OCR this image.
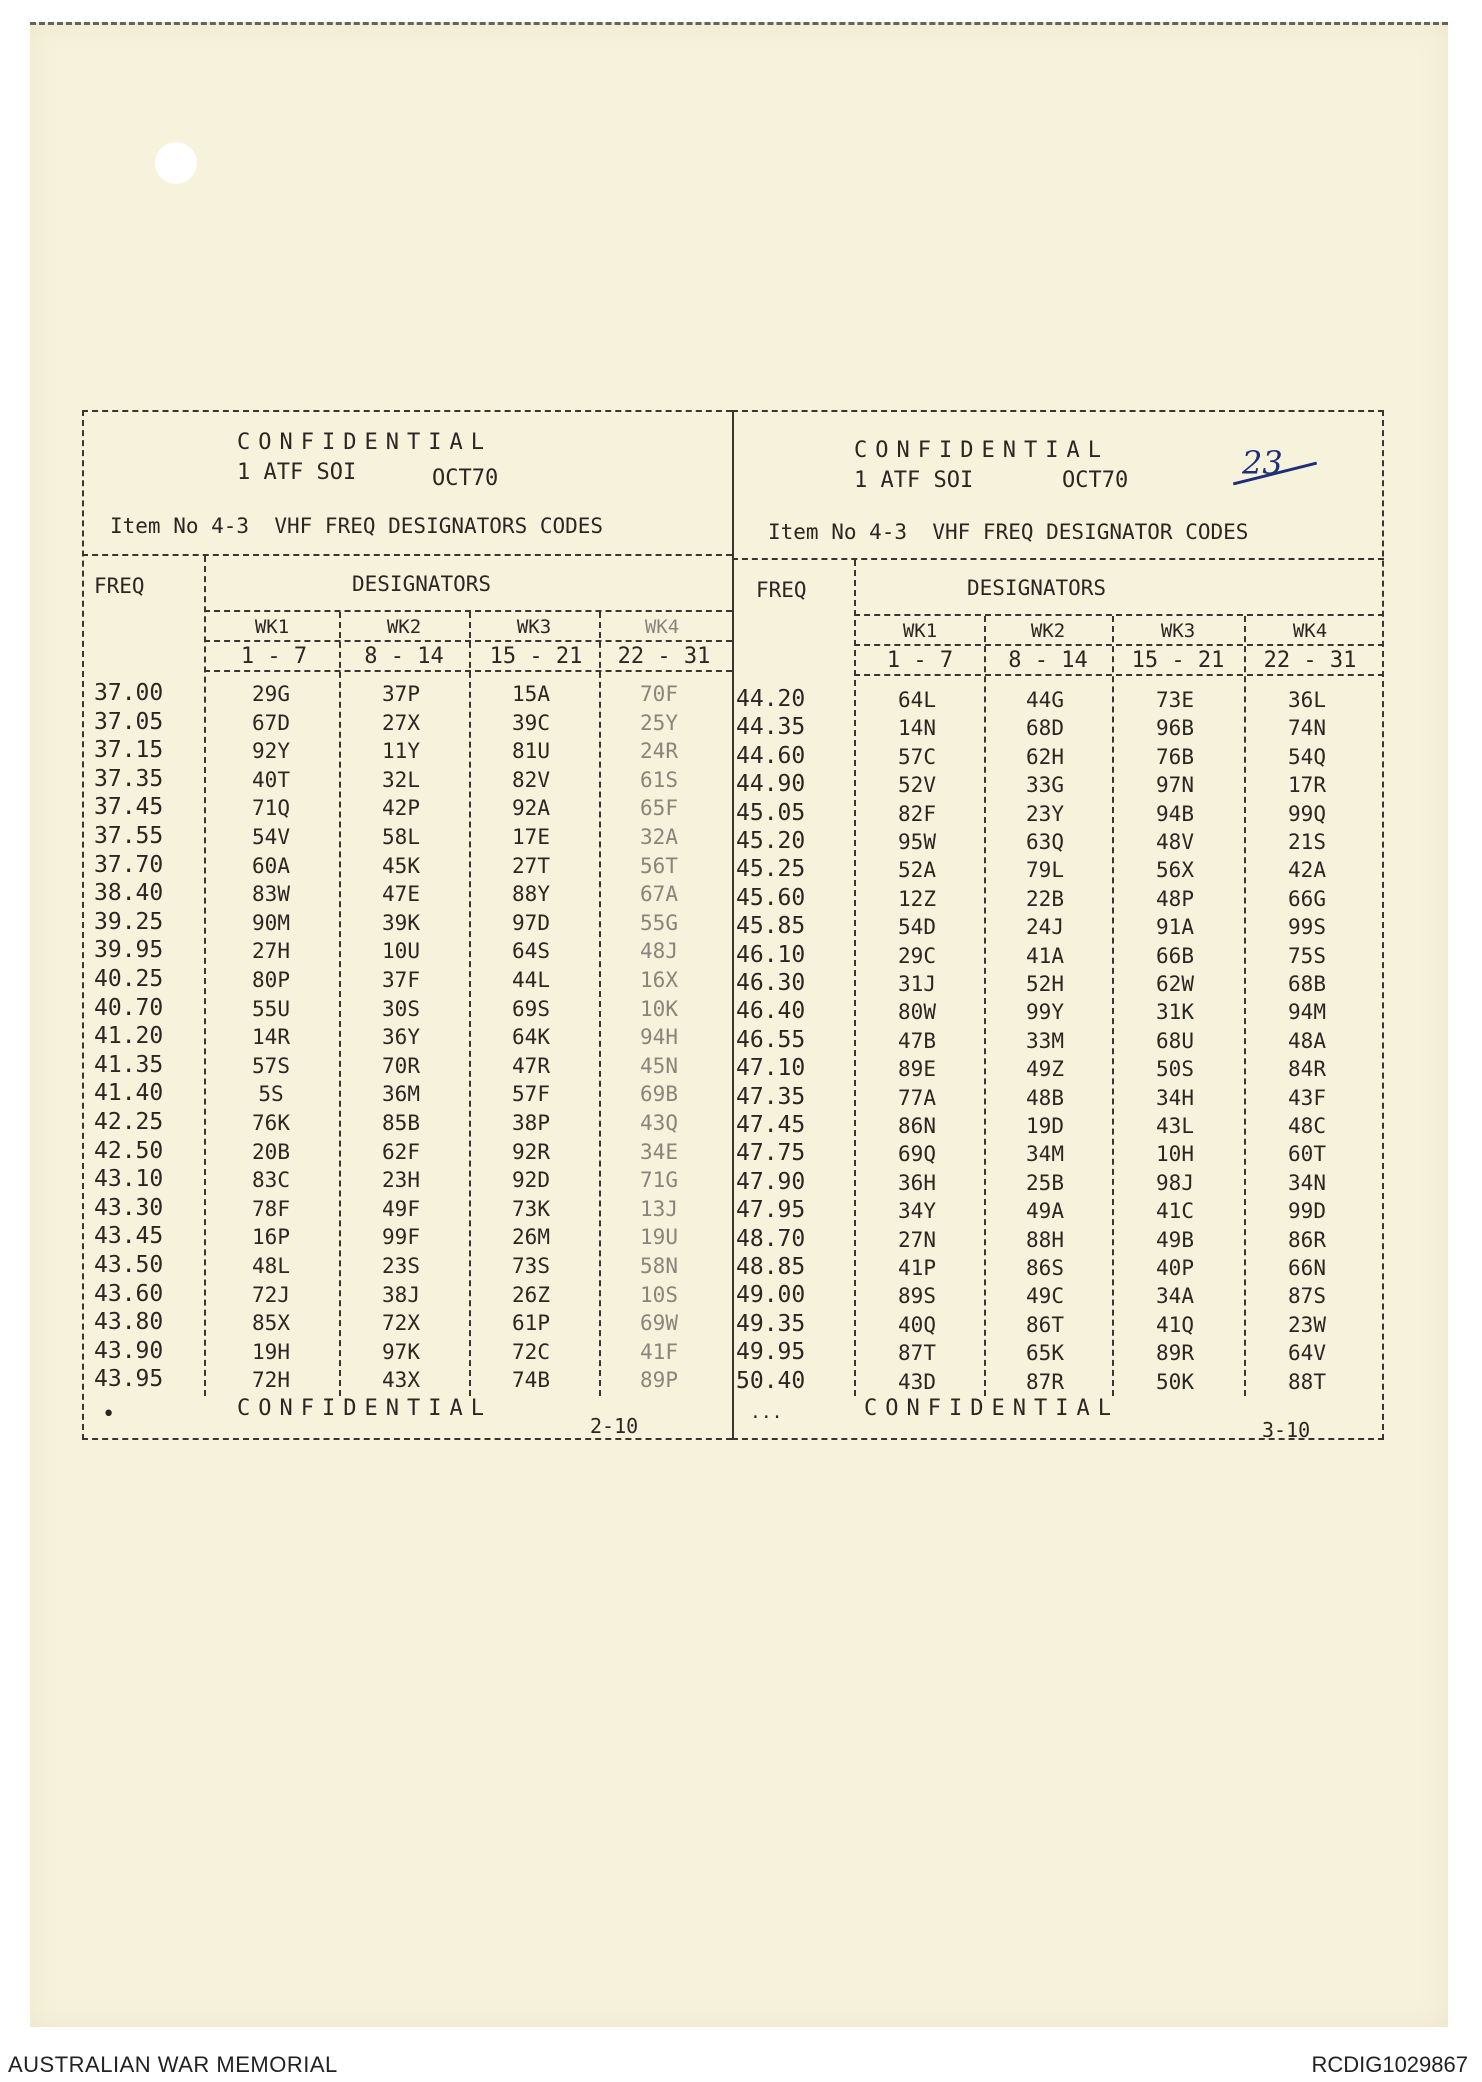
CONFIDENTIAL
1 ATF SOI	OCT70
Item No 4-3  VHF FREQ DESIGNATORS CODES
FREQ	DESIGNATORS
WK1	WK2	WK3	WK4
1 - 7	8 - 14	15 - 21	22 - 31
37.00	29G	37P	15A	70F
37.05	67D	27X	39C	25Y
37.15	92Y	11Y	81U	24R
37.35	40T	32L	82V	61S
37.45	71Q	42P	92A	65F
37.55	54V	58L	17E	32A
37.70	60A	45K	27T	56T
38.40	83W	47E	88Y	67A
39.25	90M	39K	97D	55G
39.95	27H	10U	64S	48J
40.25	80P	37F	44L	16X
40.70	55U	30S	69S	10K
41.20	14R	36Y	64K	94H
41.35	57S	70R	47R	45N
41.40	5S	36M	57F	69B
42.25	76K	85B	38P	43Q
42.50	20B	62F	92R	34E
43.10	83C	23H	92D	71G
43.30	78F	49F	73K	13J
43.45	16P	99F	26M	19U
43.50	48L	23S	73S	58N
43.60	72J	38J	26Z	10S
43.80	85X	72X	61P	69W
43.90	19H	97K	72C	41F
43.95	72H	43X	74B	89P
•	CONFIDENTIAL
2-10
CONFIDENTIAL
1 ATF SOI	OCT70	23
Item No 4-3  VHF FREQ DESIGNATOR CODES
FREQ	DESIGNATORS
WK1	WK2	WK3	WK4
1 - 7	8 - 14	15 - 21	22 - 31
44.20	64L	44G	73E	36L
44.35	14N	68D	96B	74N
44.60	57C	62H	76B	54Q
44.90	52V	33G	97N	17R
45.05	82F	23Y	94B	99Q
45.20	95W	63Q	48V	21S
45.25	52A	79L	56X	42A
45.60	12Z	22B	48P	66G
45.85	54D	24J	91A	99S
46.10	29C	41A	66B	75S
46.30	31J	52H	62W	68B
46.40	80W	99Y	31K	94M
46.55	47B	33M	68U	48A
47.10	89E	49Z	50S	84R
47.35	77A	48B	34H	43F
47.45	86N	19D	43L	48C
47.75	69Q	34M	10H	60T
47.90	36H	25B	98J	34N
47.95	34Y	49A	41C	99D
48.70	27N	88H	49B	86R
48.85	41P	86S	40P	66N
49.00	89S	49C	34A	87S
49.35	40Q	86T	41Q	23W
49.95	87T	65K	89R	64V
50.40	43D	87R	50K	88T
...	CONFIDENTIAL
3-10
AUSTRALIAN WAR MEMORIAL	RCDIG1029867
